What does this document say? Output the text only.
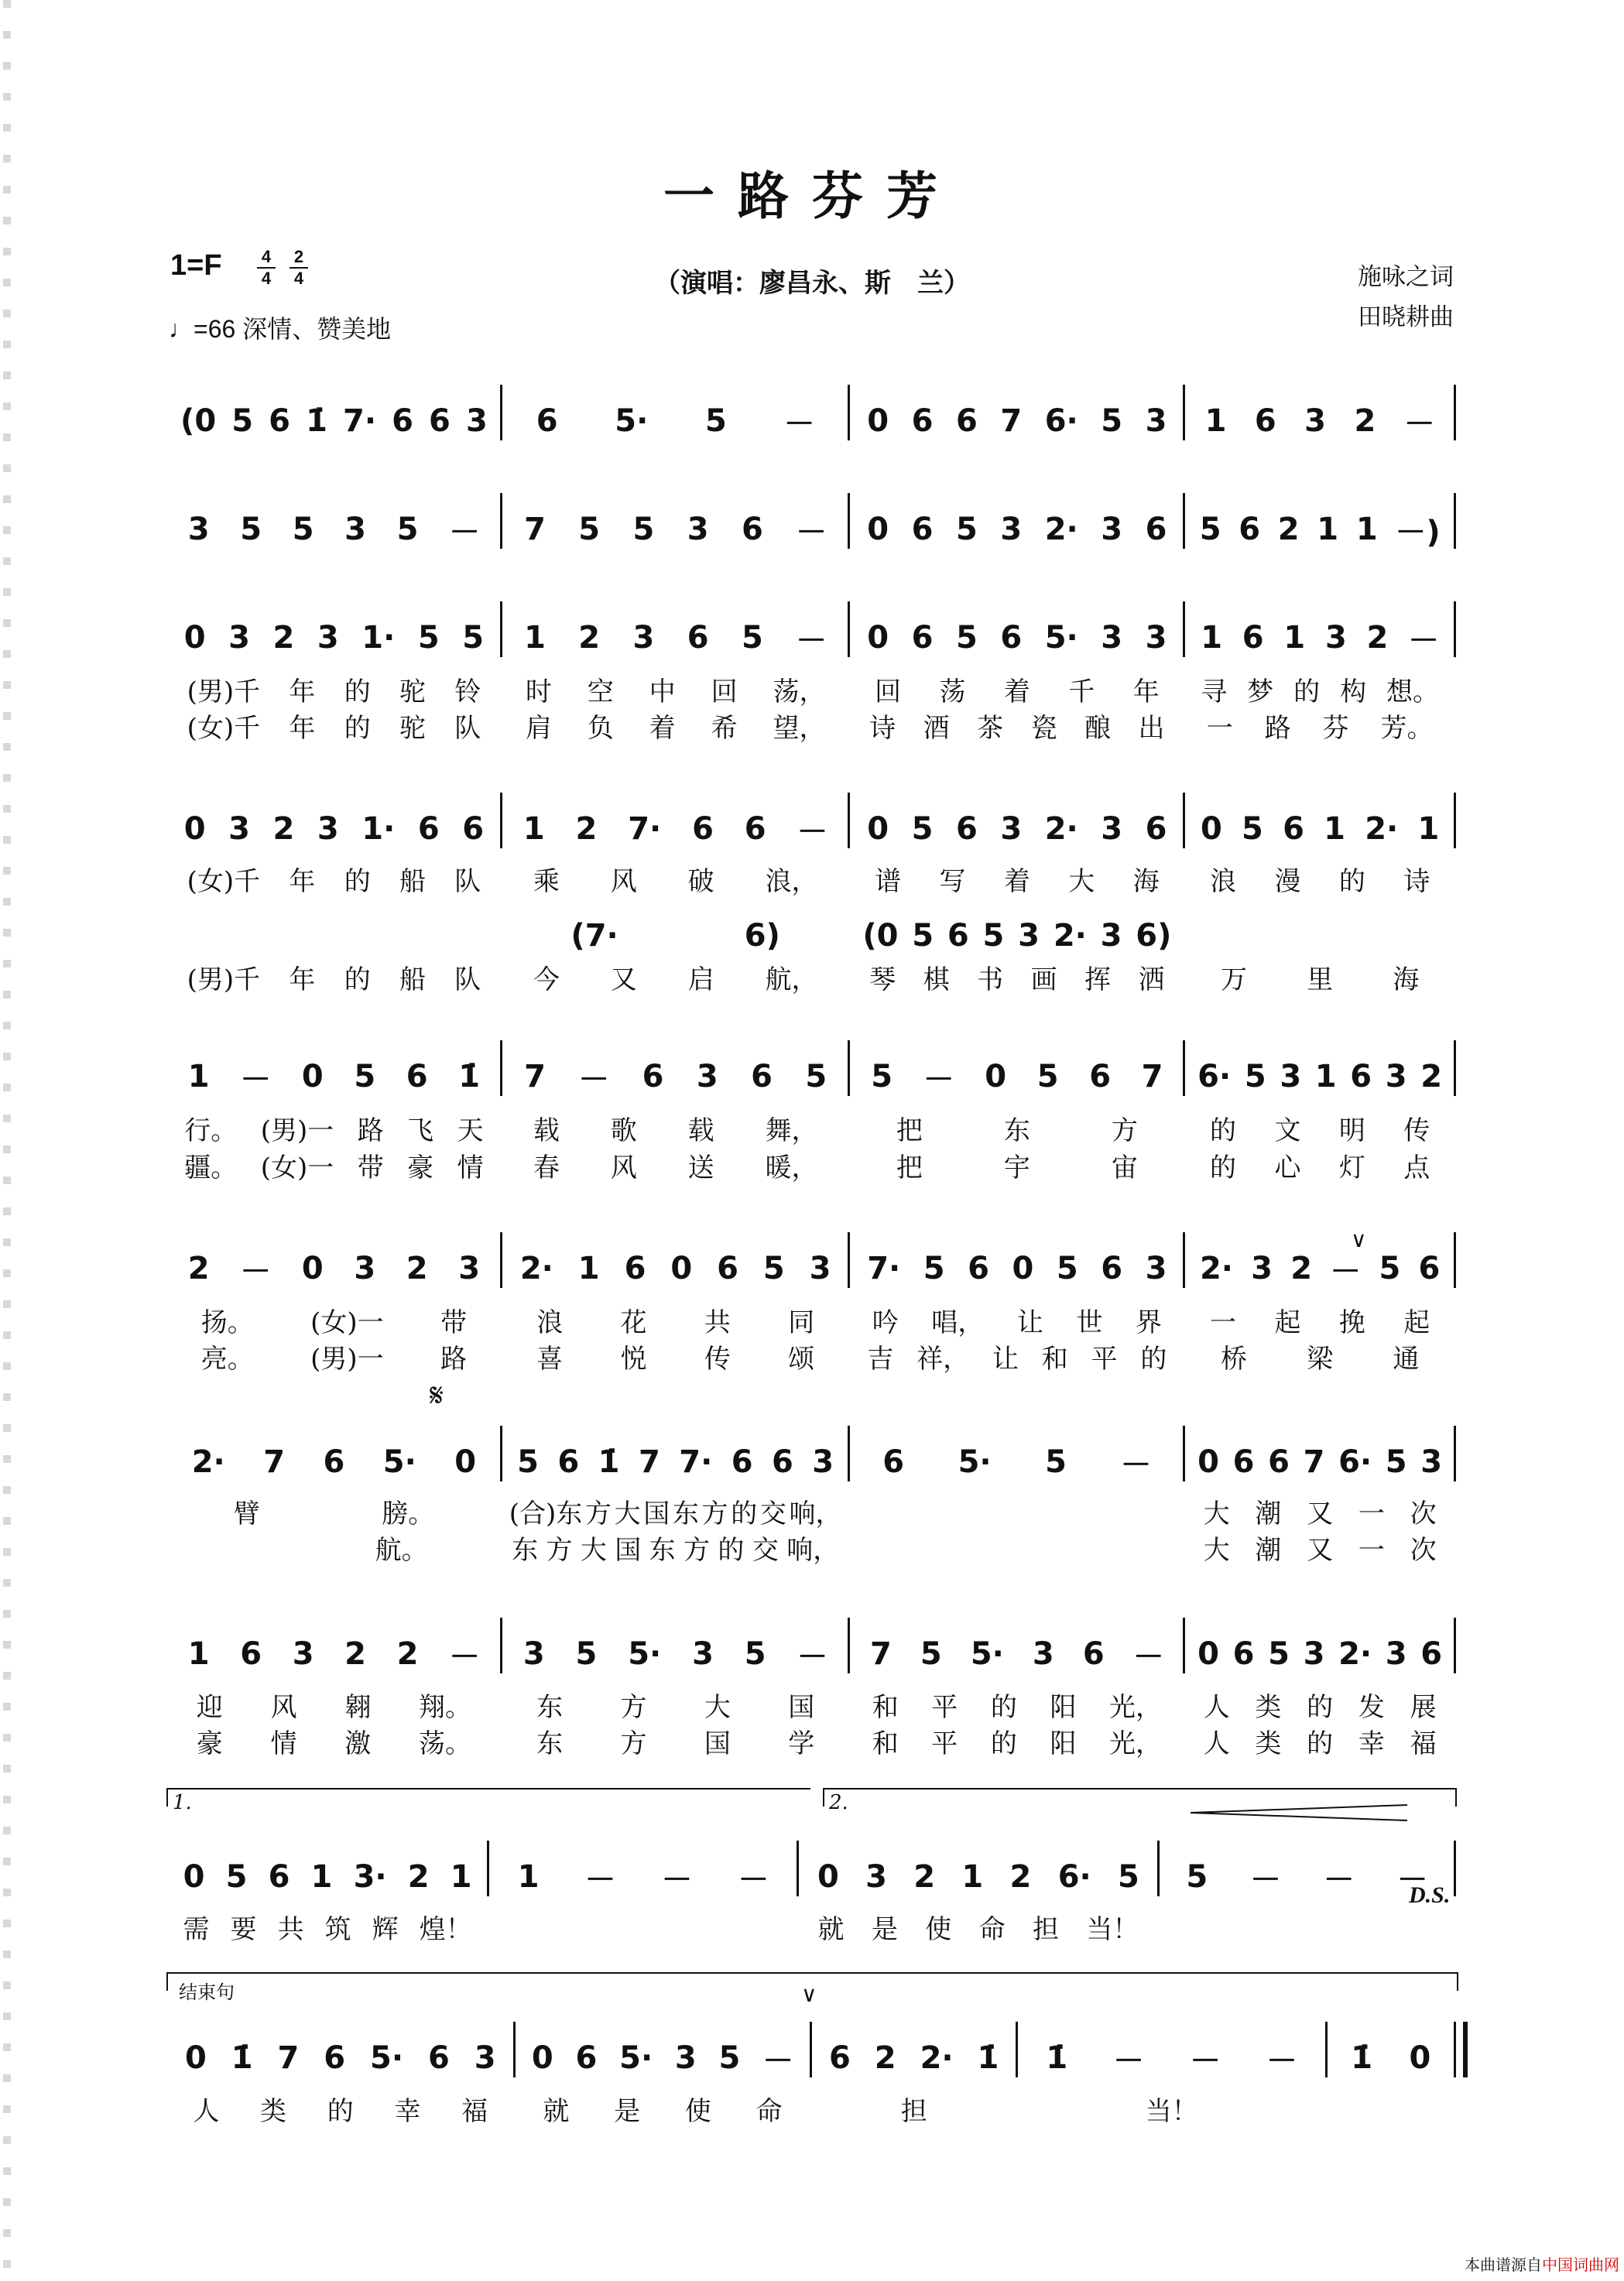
一路芬芳
1=F	4
4
2
4	（演唱：廖昌永、斯　兰）
♩=66 深情、赞美地
施咏之词
田晓耕曲
(0 5 6 1̇ 7· 6 6 3 6 5· 5 － 0 6 6 7 6· 5 3 1 6 3 2 －
3 5 5 3 5 － 7 5 5 3 6 － 0 6 5 3 2· 3 6 5 6 2 1 1 －)
0 3 2 3 1· 5 5 1 2 3 6 5 － 0 6 5 6 5· 3 3 1 6 1 3 2 －
(男)千 年 的 驼 铃 时 空 中 回 荡， 回 荡 着 千 年 寻 梦 的 构 想。
(女)千 年 的 驼 队 肩 负 着 希 望， 诗 酒 茶 瓷 酿 出 一 路 芬 芳。
0 3 2 3 1· 6 6 1 2 7· 6 6 － 0 5 6 3 2· 3 6 0 5 6 1 2· 1
(女)千 年 的 船 队 乘 风 破 浪， 谱 写 着 大 海 浪 漫 的 诗
(7·	6)	(0 5 6 5 3 2· 3 6)
(男)千 年 的 船 队 今 又 启 航， 琴 棋 书 画 挥 洒 万 里 海
1 － 0 5 6 1̇ 7 － 6 3 6 5 5 － 0 5 6 7 6· 5 3 1 6 3 2
行。 (男)一 路 飞 天 载 歌 载 舞，	把	东	方	的 文 明 传
疆。 (女)一 带 豪 情 春 风 送 暖，	把	宇	宙	的 心 灯 点
2 － 0 3 2 3 2· 1 6 0 6 5 3 7· 5 6 0 5 6 3 2· 3 2 － 5 6
扬。 (女)一 带	浪 花 共 同 吟 唱， 让 世 界 一 起 挽 起
亮。 (男)一 路	喜 悦 传 颂 吉 祥， 让 和 平 的 桥 梁 通
2· 7 6 5· 0 5 6 1̇ 7 7· 6 6 3 6 5· 5 － 0 6 6 7 6· 5 3
臂	膀。	(合)东 方 大 国 东 方 的 交 响，	大 潮 又 一 次
航。	东 方 大 国 东 方 的 交 响，	大 潮 又 一 次
1 6 3 2 2 － 3 5 5· 3 5 － 7 5 5· 3 6 － 0 6 5 3 2· 3 6
迎 风 翱 翔。 东 方 大 国 和 平 的 阳 光， 人 类 的 发 展
豪 情 激 荡。 东 方 国 学 和 平 的 阳 光， 人 类 的 幸 福
0 5 6 1 3· 2 1 1 － － － 0 3 2 1 2 6· 5 5 － － －
需 要 共 筑 辉 煌！	就 是 使 命 担 当！
0 1̇ 7 6 5· 6 3 0 6 5· 3 5 － 6 2 2· 1̇ 1̇ － － － 1̇ 0
人 类 的 幸 福 就 是 使 命	担	当！
𝄋
∨
∨
1.	2.
D.S.
结束句
本曲谱源自中国词曲网
